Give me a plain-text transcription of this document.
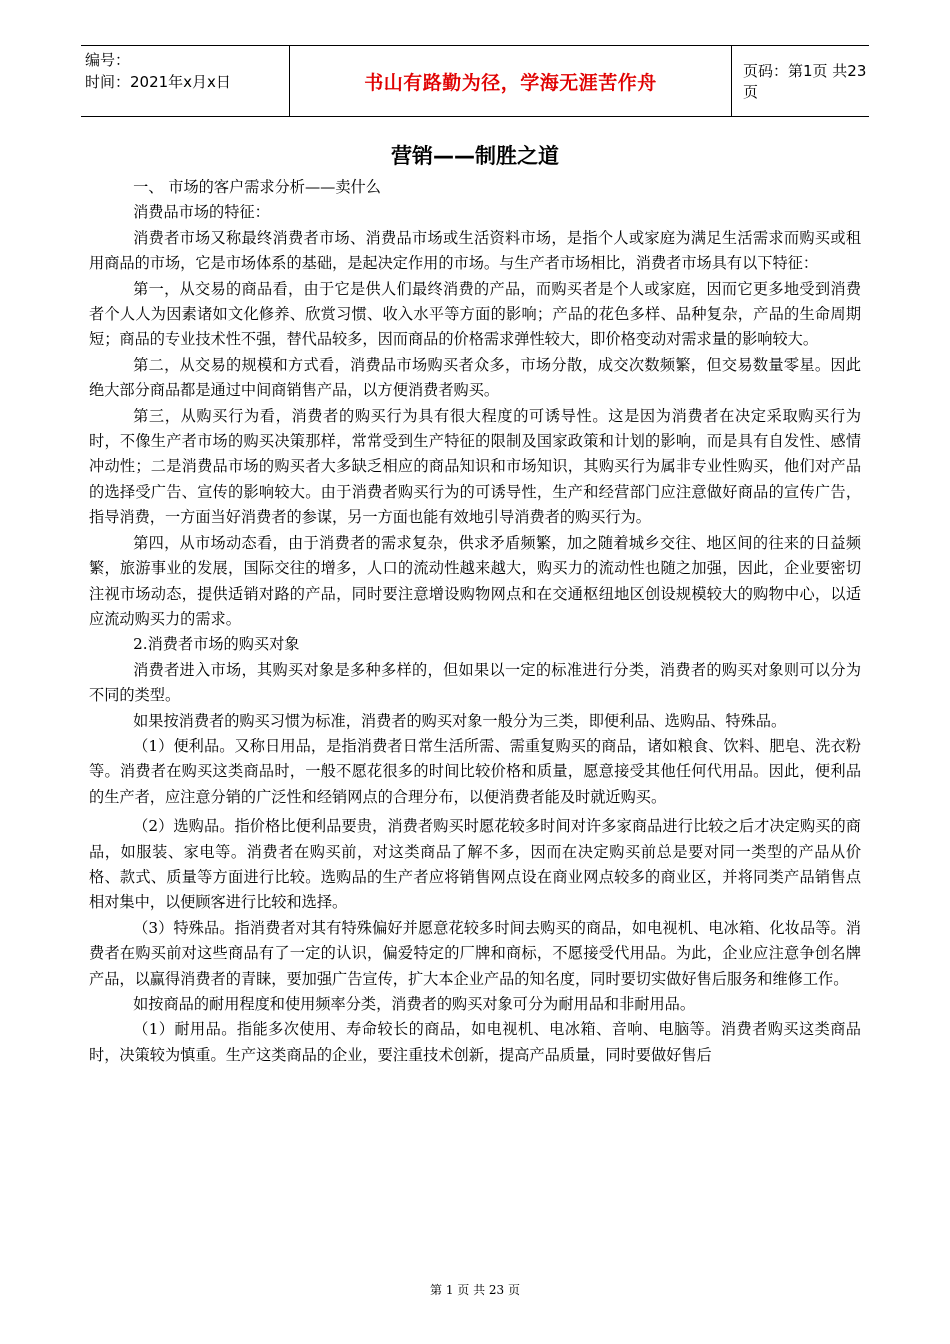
编号：
时间：2021年x月x日	书山有路勤为径，学海无涯苦作舟
页码：第1页 共23页
营销——制胜之道

一、 市场的客户需求分析——卖什么

消费品市场的特征：

消费者市场又称最终消费者市场、消费品市场或生活资料市场，是指个人或家庭为满足生活需求而购买或租用商品的市场，它是市场体系的基础，是起决定作用的市场。与生产者市场相比，消费者市场具有以下特征：

第一，从交易的商品看，由于它是供人们最终消费的产品，而购买者是个人或家庭，因而它更多地受到消费者个人人为因素诸如文化修养、欣赏习惯、收入水平等方面的影响；产品的花色多样、品种复杂，产品的生命周期短；商品的专业技术性不强，替代品较多，因而商品的价格需求弹性较大，即价格变动对需求量的影响较大。

第二，从交易的规模和方式看，消费品市场购买者众多，市场分散，成交次数频繁，但交易数量零星。因此绝大部分商品都是通过中间商销售产品，以方便消费者购买。

第三，从购买行为看，消费者的购买行为具有很大程度的可诱导性。这是因为消费者在决定采取购买行为时，不像生产者市场的购买决策那样，常常受到生产特征的限制及国家政策和计划的影响，而是具有自发性、感情冲动性；二是消费品市场的购买者大多缺乏相应的商品知识和市场知识，其购买行为属非专业性购买，他们对产品的选择受广告、宣传的影响较大。由于消费者购买行为的可诱导性，生产和经营部门应注意做好商品的宣传广告，指导消费，一方面当好消费者的参谋，另一方面也能有效地引导消费者的购买行为。

第四，从市场动态看，由于消费者的需求复杂，供求矛盾频繁，加之随着城乡交往、地区间的往来的日益频繁，旅游事业的发展，国际交往的增多，人口的流动性越来越大，购买力的流动性也随之加强，因此，企业要密切注视市场动态，提供适销对路的产品，同时要注意增设购物网点和在交通枢纽地区创设规模较大的购物中心，以适应流动购买力的需求。

2.消费者市场的购买对象

消费者进入市场，其购买对象是多种多样的，但如果以一定的标准进行分类，消费者的购买对象则可以分为不同的类型。

如果按消费者的购买习惯为标准，消费者的购买对象一般分为三类，即便利品、选购品、特殊品。

（1）便利品。又称日用品，是指消费者日常生活所需、需重复购买的商品，诸如粮食、饮料、肥皂、洗衣粉等。消费者在购买这类商品时，一般不愿花很多的时间比较价格和质量，愿意接受其他任何代用品。因此，便利品的生产者，应注意分销的广泛性和经销网点的合理分布，以便消费者能及时就近购买。

（2）选购品。指价格比便利品要贵，消费者购买时愿花较多时间对许多家商品进行比较之后才决定购买的商品，如服装、家电等。消费者在购买前，对这类商品了解不多，因而在决定购买前总是要对同一类型的产品从价格、款式、质量等方面进行比较。选购品的生产者应将销售网点设在商业网点较多的商业区，并将同类产品销售点相对集中，以便顾客进行比较和选择。

（3）特殊品。指消费者对其有特殊偏好并愿意花较多时间去购买的商品，如电视机、电冰箱、化妆品等。消费者在购买前对这些商品有了一定的认识，偏爱特定的厂牌和商标，不愿接受代用品。为此，企业应注意争创名牌产品，以赢得消费者的青睐，要加强广告宣传，扩大本企业产品的知名度，同时要切实做好售后服务和维修工作。

如按商品的耐用程度和使用频率分类，消费者的购买对象可分为耐用品和非耐用品。

（1）耐用品。指能多次使用、寿命较长的商品，如电视机、电冰箱、音响、电脑等。消费者购买这类商品时，决策较为慎重。生产这类商品的企业，要注重技术创新，提高产品质量，同时要做好售后

第 1 页 共 23 页
